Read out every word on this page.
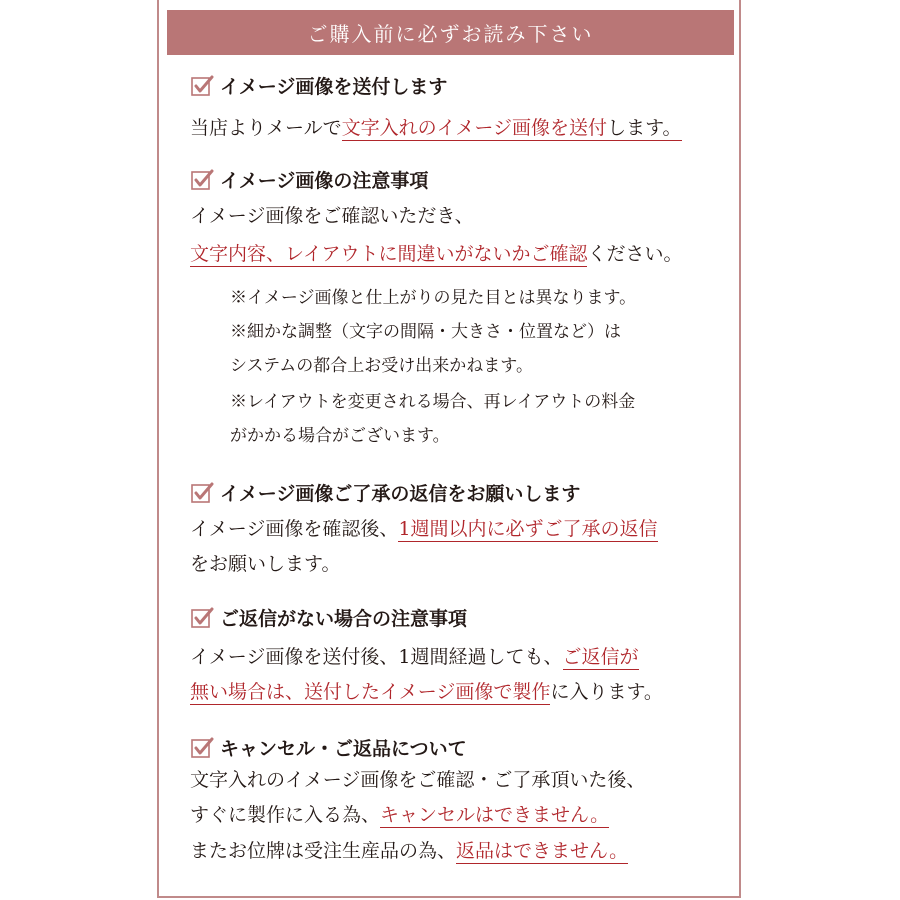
ご購入前に必ずお読み下さい
イメージ画像を送付します
当店よりメールで文字入れのイメージ画像を送付します。
イメージ画像の注意事項
イメージ画像をご確認いただき、
文字内容、レイアウトに間違いがないかご確認ください。
※イメージ画像と仕上がりの見た目とは異なります。
※細かな調整（文字の間隔・大きさ・位置など）は
システムの都合上お受け出来かねます。
※レイアウトを変更される場合、再レイアウトの料金
がかかる場合がございます。
イメージ画像ご了承の返信をお願いします
イメージ画像を確認後、1週間以内に必ずご了承の返信
をお願いします。
ご返信がない場合の注意事項
イメージ画像を送付後、1週間経過しても、ご返信が
無い場合は、送付したイメージ画像で製作に入ります。
キャンセル・ご返品について
文字入れのイメージ画像をご確認・ご了承頂いた後、
すぐに製作に入る為、キャンセルはできません。
またお位牌は受注生産品の為、返品はできません。
